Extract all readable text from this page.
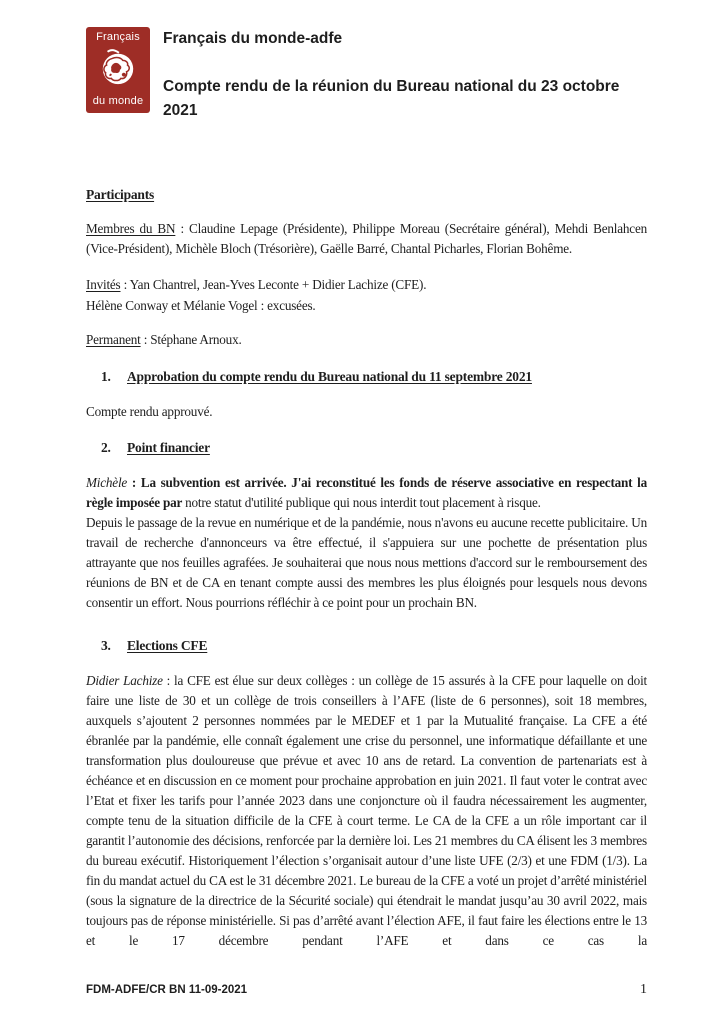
Français
du monde
Français du monde-adfe
Compte rendu de la réunion du Bureau national du 23 octobre 2021

Participants

Membres du BN : Claudine Lepage (Présidente), Philippe Moreau (Secrétaire général), Mehdi Benlahcen (Vice-Président), Michèle Bloch (Trésorière), Gaëlle Barré, Chantal Picharles, Florian Bohême.

Invités : Yan Chantrel, Jean-Yves Leconte + Didier Lachize (CFE).
Hélène Conway et Mélanie Vogel : excusées.

Permanent : Stéphane Arnoux.

1.	Approbation du compte rendu du Bureau national du 11 septembre 2021

Compte rendu approuvé.

2.	Point financier

Michèle : La subvention est arrivée. J'ai reconstitué les fonds de réserve associative en respectant la règle imposée par notre statut d'utilité publique qui nous interdit tout placement à risque.

Depuis le passage de la revue en numérique et de la pandémie, nous n'avons eu aucune recette publicitaire. Un travail de recherche d'annonceurs va être effectué, il s'appuiera sur une pochette de présentation plus attrayante que nos feuilles agrafées. Je souhaiterai que nous nous mettions d'accord sur le remboursement des réunions de BN et de CA en tenant compte aussi des membres les plus éloignés pour lesquels nous devons consentir un effort. Nous pourrions réfléchir à ce point pour un prochain BN.

3.	Elections CFE

Didier Lachize : la CFE est élue sur deux collèges : un collège de 15 assurés à la CFE pour laquelle on doit faire une liste de 30 et un collège de trois conseillers à l’AFE (liste de 6 personnes), soit 18 membres, auxquels s’ajoutent 2 personnes nommées par le MEDEF et 1 par la Mutualité française. La CFE a été ébranlée par la pandémie, elle connaît également une crise du personnel, une informatique défaillante et une transformation plus douloureuse que prévue et avec 10 ans de retard. La convention de partenariats est à échéance et en discussion en ce moment pour prochaine approbation en juin 2021. Il faut voter le contrat avec l’Etat et fixer les tarifs pour l’année 2023 dans une conjoncture où il faudra nécessairement les augmenter, compte tenu de la situation difficile de la CFE à court terme. Le CA de la CFE a un rôle important car il garantit l’autonomie des décisions, renforcée par la dernière loi. Les 21 membres du CA élisent les 3 membres du bureau exécutif. Historiquement l’élection s’organisait autour d’une liste UFE (2/3) et une FDM (1/3). La fin du mandat actuel du CA est le 31 décembre 2021. Le bureau de la CFE a voté un projet d’arrêté ministériel (sous la signature de la directrice de la Sécurité sociale) qui étendrait le mandat jusqu’au 30 avril 2022, mais toujours pas de réponse ministérielle. Si pas d’arrêté avant l’élection AFE, il faut faire les élections entre le 13 et le 17 décembre pendant l’AFE et dans ce cas la

FDM-ADFE/CR BN 11-09-2021	1
